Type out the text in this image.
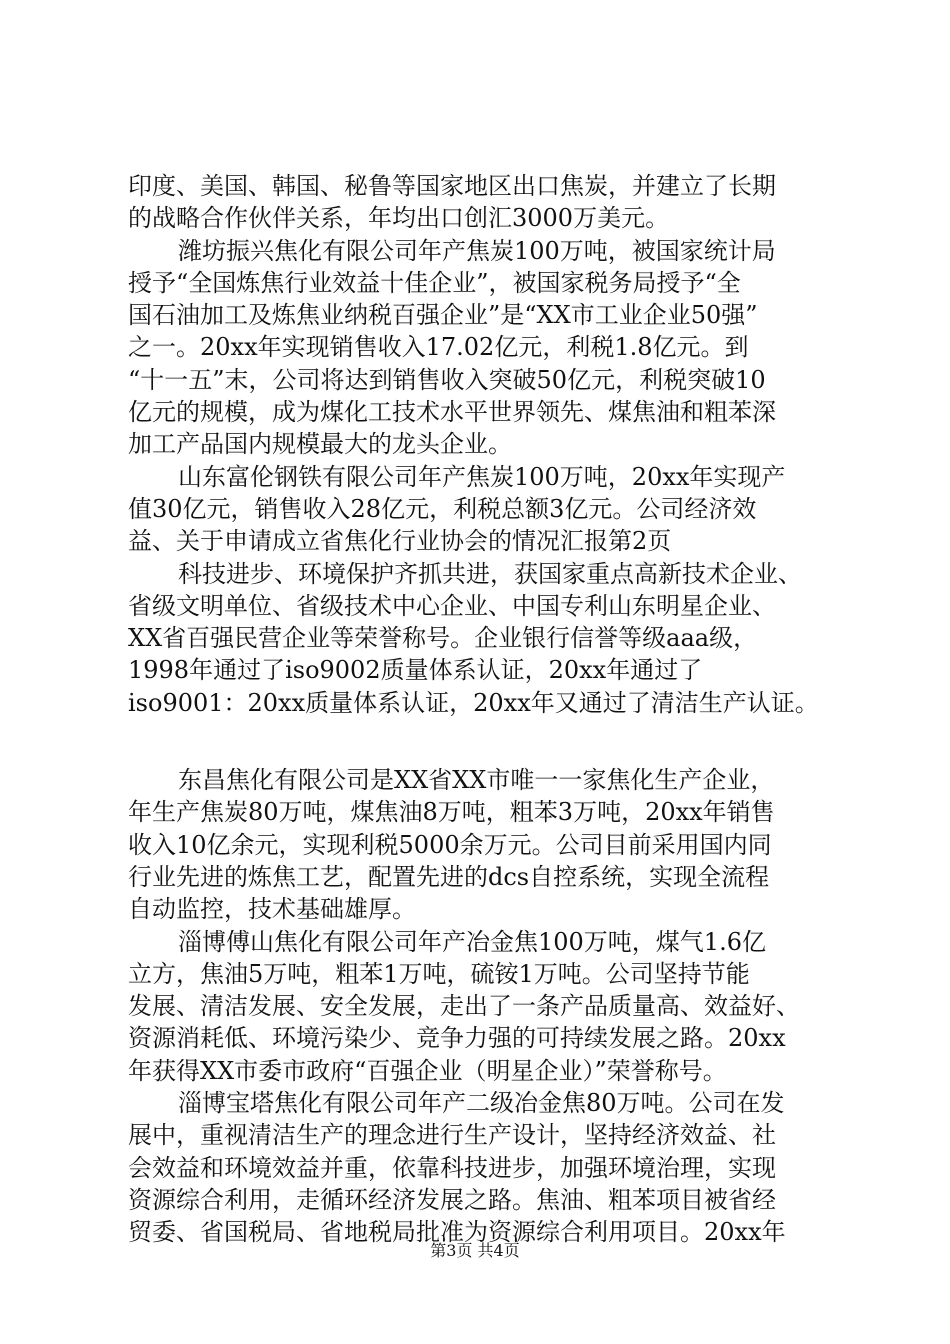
印度、美国、韩国、秘鲁等国家地区出口焦炭，并建立了长期
的战略合作伙伴关系，年均出口创汇3000万美元。
潍坊振兴焦化有限公司年产焦炭100万吨，被国家统计局
授予“全国炼焦行业效益十佳企业”，被国家税务局授予“全
国石油加工及炼焦业纳税百强企业”是“XX市工业企业50强”
之一。20xx年实现销售收入17.02亿元，利税1.8亿元。到
“十一五”末，公司将达到销售收入突破50亿元，利税突破10
亿元的规模，成为煤化工技术水平世界领先、煤焦油和粗苯深
加工产品国内规模最大的龙头企业。
山东富伦钢铁有限公司年产焦炭100万吨，20xx年实现产
值30亿元，销售收入28亿元，利税总额3亿元。公司经济效
益、关于申请成立省焦化行业协会的情况汇报第2页
科技进步、环境保护齐抓共进，获国家重点高新技术企业、
省级文明单位、省级技术中心企业、中国专利山东明星企业、
XX省百强民营企业等荣誉称号。企业银行信誉等级aaa级，
1998年通过了iso9002质量体系认证，20xx年通过了
iso9001：20xx质量体系认证，20xx年又通过了清洁生产认证。
东昌焦化有限公司是XX省XX市唯一一家焦化生产企业，
年生产焦炭80万吨，煤焦油8万吨，粗苯3万吨，20xx年销售
收入10亿余元，实现利税5000余万元。公司目前采用国内同
行业先进的炼焦工艺，配置先进的dcs自控系统，实现全流程
自动监控，技术基础雄厚。
淄博傅山焦化有限公司年产冶金焦100万吨，煤气1.6亿
立方，焦油5万吨，粗苯1万吨，硫铵1万吨。公司坚持节能
发展、清洁发展、安全发展，走出了一条产品质量高、效益好、
资源消耗低、环境污染少、竞争力强的可持续发展之路。20xx
年获得XX市委市政府“百强企业（明星企业）”荣誉称号。
淄博宝塔焦化有限公司年产二级冶金焦80万吨。公司在发
展中，重视清洁生产的理念进行生产设计，坚持经济效益、社
会效益和环境效益并重，依靠科技进步，加强环境治理，实现
资源综合利用，走循环经济发展之路。焦油、粗苯项目被省经
贸委、省国税局、省地税局批准为资源综合利用项目。20xx年
第3页 共4页
